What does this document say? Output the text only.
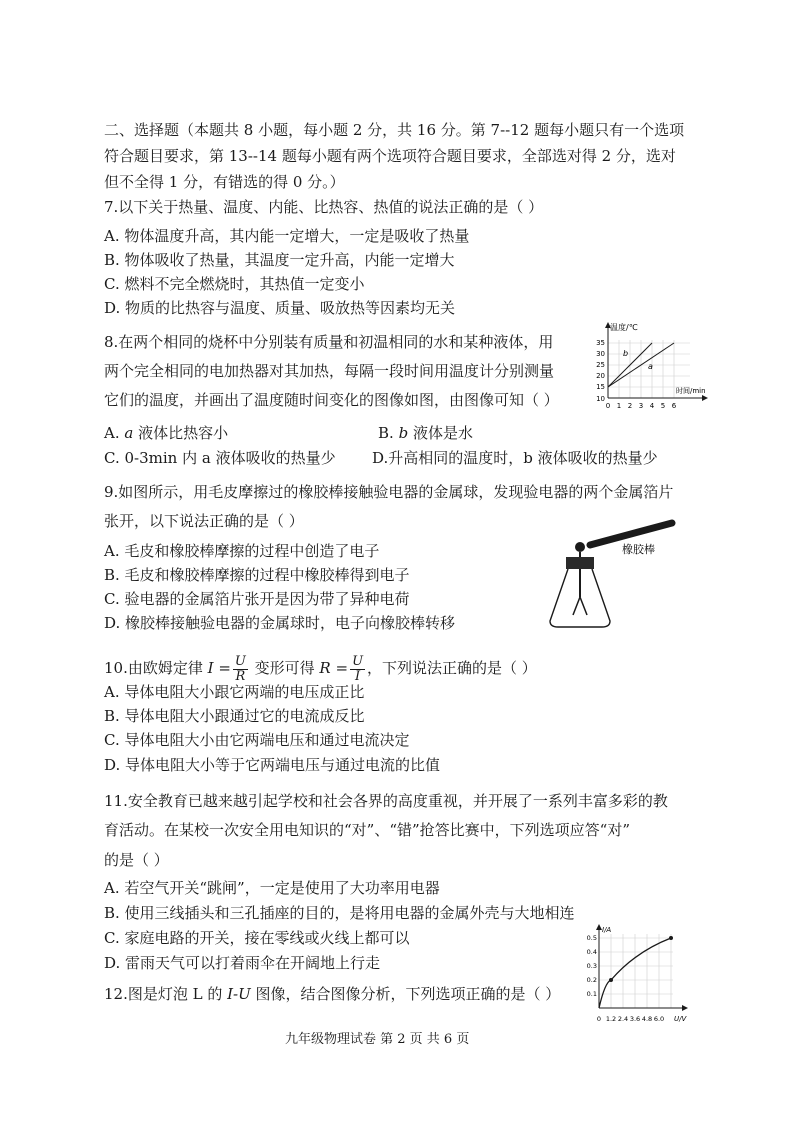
二、选择题（本题共 8 小题，每小题 2 分，共 16 分。第 7--12 题每小题只有一个选项
符合题目要求，第 13--14 题每小题有两个选项符合题目要求，全部选对得 2 分，选对
但不全得 1 分，有错选的得 0 分。）
7.以下关于热量、温度、内能、比热容、热值的说法正确的是（ ）
A. 物体温度升高，其内能一定增大，一定是吸收了热量
B. 物体吸收了热量，其温度一定升高，内能一定增大
C. 燃料不完全燃烧时，其热值一定变小
D. 物质的比热容与温度、质量、吸放热等因素均无关
8.在两个相同的烧杯中分别装有质量和初温相同的水和某种液体，用
两个完全相同的电加热器对其加热，每隔一段时间用温度计分别测量
它们的温度，并画出了温度随时间变化的图像如图，由图像可知（ ）
A. a 液体比热容小	B. b 液体是水
C. 0-3min 内 a 液体吸收的热量少 D.升高相同的温度时，b 液体吸收的热量少
温度/℃
时间/min
35
30
25
20
15
10
0 1 2 3 4 5 6
b
a
9.如图所示，用毛皮摩擦过的橡胶棒接触验电器的金属球，发现验电器的两个金属箔片
张开，以下说法正确的是（ ）
A. 毛皮和橡胶棒摩擦的过程中创造了电子
B. 毛皮和橡胶棒摩擦的过程中橡胶棒得到电子
C. 验电器的金属箔片张开是因为带了异种电荷
D. 橡胶棒接触验电器的金属球时，电子向橡胶棒转移
橡胶棒
10.由欧姆定律 $I = \frac{U}{R}$ 变形可得 $R = \frac{U}{I}$ ，下列说法正确的是（ ）
A. 导体电阻大小跟它两端的电压成正比
B. 导体电阻大小跟通过它的电流成反比
C. 导体电阻大小由它两端电压和通过电流决定
D. 导体电阻大小等于它两端电压与通过电流的比值
11.安全教育已越来越引起学校和社会各界的高度重视，并开展了一系列丰富多彩的教
育活动。在某校一次安全用电知识的“对”、“错”抢答比赛中，下列选项应答“对”
的是（ ）
A. 若空气开关“跳闸”，一定是使用了大功率用电器
B. 使用三线插头和三孔插座的目的，是将用电器的金属外壳与大地相连
C. 家庭电路的开关，接在零线或火线上都可以
D. 雷雨天气可以打着雨伞在开阔地上行走
12.图是灯泡 L 的 I-U 图像，结合图像分析，下列选项正确的是（ ）
I/A
U/V
0.5
0.4
0.3
0.2
0.1
0 1.2 2.4 3.6 4.8 6.0
九年级物理试卷 第 2 页 共 6 页
